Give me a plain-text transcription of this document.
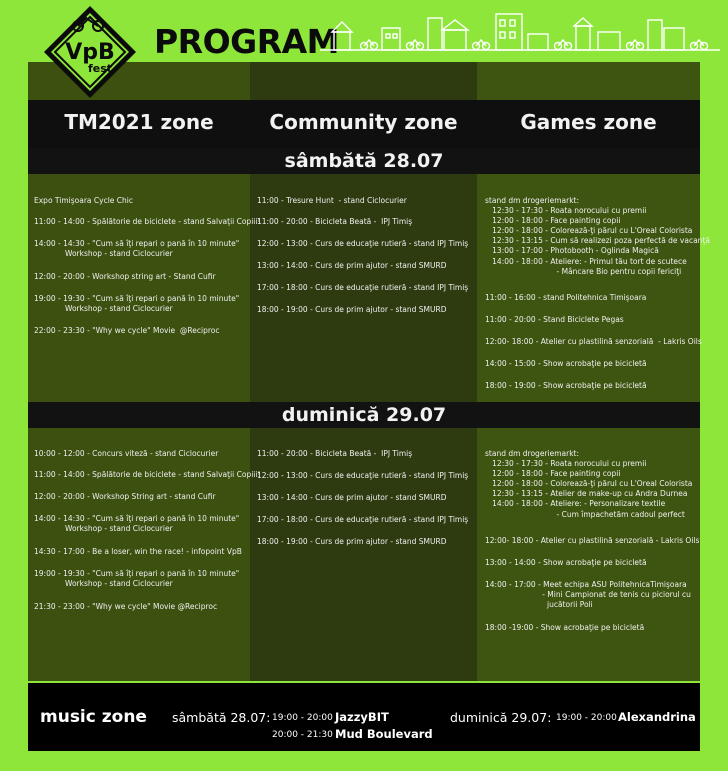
VpB
fest
PROGRAM
TM2021 zone	Community zone	Games zone
sâmbătă 28.07
duminică 29.07
Expo Timişoara Cycle Chic
11:00 - 14:00 - Spălătorie de biciclete - stand Salvaţii Copiii!
14:00 - 14:30 - "Cum să îţi repari o pană în 10 minute"
Workshop - stand Ciclocurier
12:00 - 20:00 - Workshop string art - Stand Cufir
19:00 - 19:30 - "Cum să îţi repari o pană în 10 minute"
Workshop - stand Ciclocurier
22:00 - 23:30 - "Why we cycle" Movie  @Reciproc
11:00 - Tresure Hunt  - stand Ciclocurier
11:00 - 20:00 - Bicicleta Beată -  IPJ Timiş
12:00 - 13:00 - Curs de educaţie rutieră - stand IPJ Timiş
13:00 - 14:00 - Curs de prim ajutor - stand SMURD
17:00 - 18:00 - Curs de educaţie rutieră - stand IPJ Timiş
18:00 - 19:00 - Curs de prim ajutor - stand SMURD
stand dm drogeriemarkt:
12:30 - 17:30 - Roata norocului cu premii
12:00 - 18:00 - Face painting copii
12:00 - 18:00 - Colorează-ţi părul cu L'Oreal Colorista
12:30 - 13:15 - Cum să realizezi poza perfectă de vacanţă
13:00 - 17:00 - Photobooth - Oglinda Magică
14:00 - 18:00 - Ateliere: - Primul tău tort de scutece
- Mâncare Bio pentru copii fericiţi
11:00 - 16:00 - stand Politehnica Timişoara
11:00 - 20:00 - Stand Biciclete Pegas
12:00- 18:00 - Atelier cu plastilină senzorială  - Lakris Oils
14:00 - 15:00 - Show acrobaţie pe bicicletă
18:00 - 19:00 - Show acrobaţie pe bicicletă
10:00 - 12:00 - Concurs viteză - stand Ciclocurier
11:00 - 14:00 - Spălătorie de biciclete - stand Salvaţii Copiii!
12:00 - 20:00 - Workshop String art - stand Cufir
14:00 - 14:30 - "Cum să îţi repari o pană în 10 minute"
Workshop - stand Ciclocurier
14:30 - 17:00 - Be a loser, win the race! - infopoint VpB
19:00 - 19:30 - "Cum să îţi repari o pană în 10 minute"
Workshop - stand Ciclocurier
21:30 - 23:00 - "Why we cycle" Movie @Reciproc
11:00 - 20:00 - Bicicleta Beată -  IPJ Timiş
12:00 - 13:00 - Curs de educaţie rutieră - stand IPJ Timiş
13:00 - 14:00 - Curs de prim ajutor - stand SMURD
17:00 - 18:00 - Curs de educaţie rutieră - stand IPJ Timiş
18:00 - 19:00 - Curs de prim ajutor - stand SMURD
stand dm drogeriemarkt:
12:30 - 17:30 - Roata norocului cu premii
12:00 - 18:00 - Face painting copii
12:00 - 18:00 - Colorează-ţi părul cu L'Oreal Colorista
12:30 - 13:15 - Atelier de make-up cu Andra Durnea
14:00 - 18:00 - Ateliere: - Personalizare textile
- Cum împachetăm cadoul perfect
12:00- 18:00 - Atelier cu plastilină senzorială - Lakris Oils
13:00 - 14:00 - Show acrobaţie pe bicicletă
14:00 - 17:00 - Meet echipa ASU PolitehnicaTimişoara
- Mini Campionat de tenis cu piciorul cu
jucătorii Poli
18:00 -19:00 - Show acrobaţie pe bicicletă
music zone sâmbătă 28.07: 19:00 - 20:00 -
JazzyBIT
20:00 - 21:30 -
Mud Boulevard
duminică 29.07: 19:00 - 20:00 -
Alexandrina
